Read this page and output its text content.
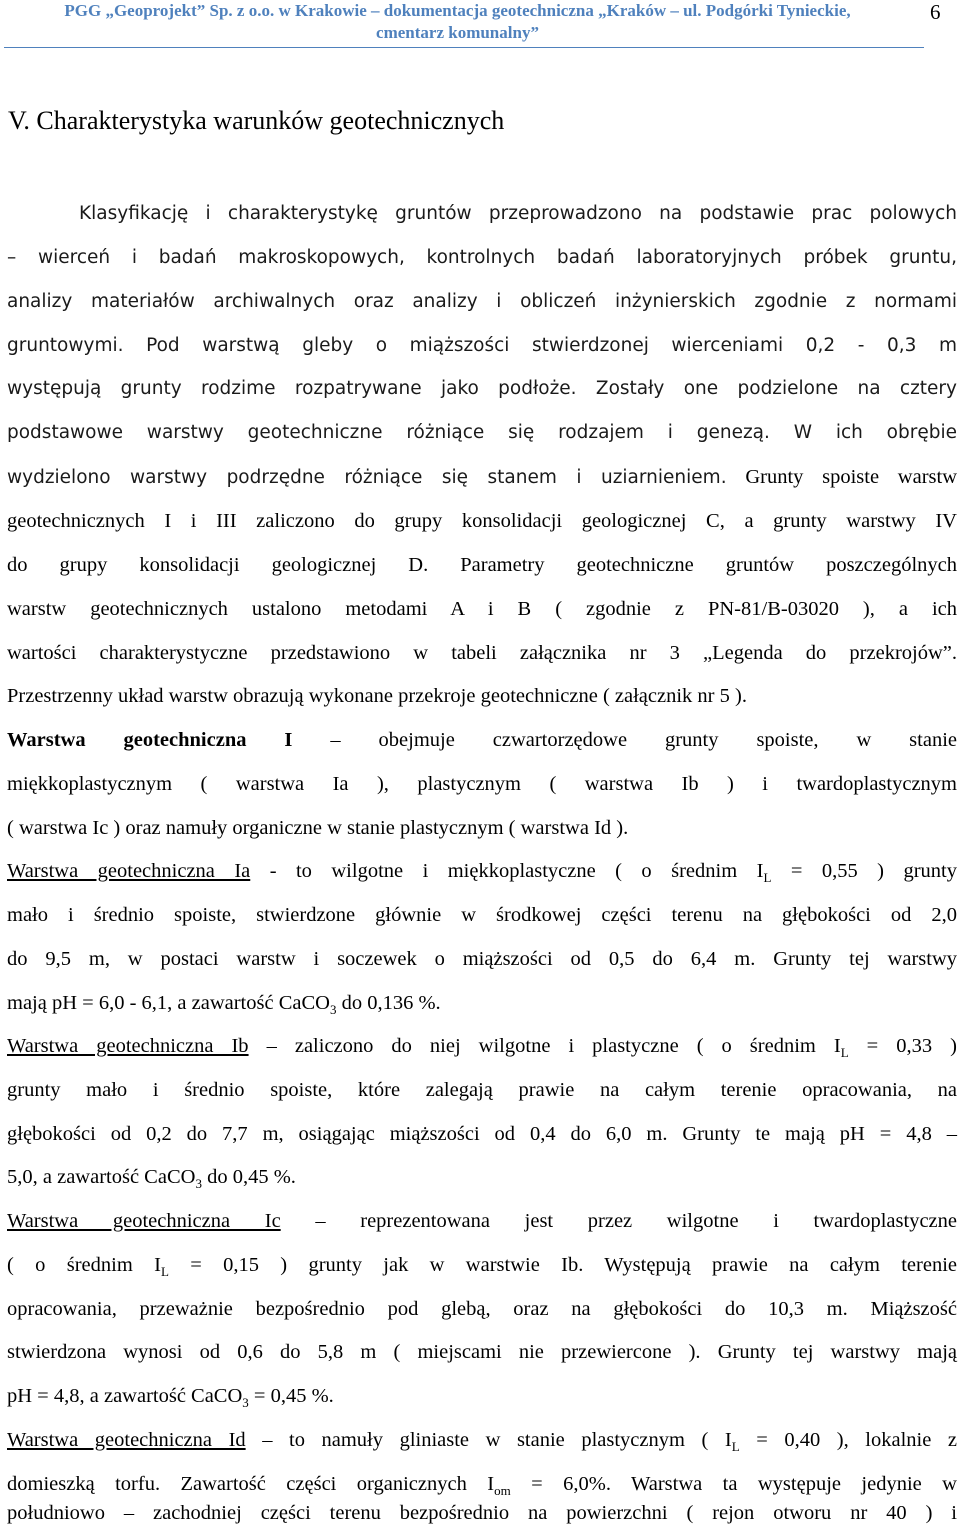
PGG „Geoprojekt” Sp. z o.o. w Krakowie – dokumentacja geotechniczna „Kraków – ul. Podgórki Tynieckie,
cmentarz komunalny”
6
V. Charakterystyka warunków geotechnicznych
Klasyfikację i charakterystykę gruntów przeprowadzono na podstawie prac polowych
– wierceń i badań makroskopowych, kontrolnych badań laboratoryjnych próbek gruntu,
analizy materiałów archiwalnych oraz analizy i obliczeń inżynierskich zgodnie z normami
gruntowymi. Pod warstwą gleby o miąższości stwierdzonej wierceniami 0,2 - 0,3 m
występują grunty rodzime rozpatrywane jako podłoże. Zostały one podzielone na cztery
podstawowe warstwy geotechniczne różniące się rodzajem i genezą. W ich obrębie
wydzielono warstwy podrzędne różniące się stanem i uziarnieniem. Grunty spoiste warstw
geotechnicznych I i III zaliczono do grupy konsolidacji geologicznej C, a grunty warstwy IV
do grupy konsolidacji geologicznej D. Parametry geotechniczne gruntów poszczególnych
warstw geotechnicznych ustalono metodami A i B ( zgodnie z PN-81/B-03020 ), a ich
wartości charakterystyczne przedstawiono w tabeli załącznika nr 3 „Legenda do przekrojów”.
Przestrzenny układ warstw obrazują wykonane przekroje geotechniczne ( załącznik nr 5 ).
Warstwa geotechniczna I – obejmuje czwartorzędowe grunty spoiste, w stanie
miękkoplastycznym ( warstwa Ia ), plastycznym ( warstwa Ib ) i twardoplastycznym
( warstwa Ic ) oraz namuły organiczne w stanie plastycznym ( warstwa Id ).
Warstwa geotechniczna Ia - to wilgotne i miękkoplastyczne ( o średnim $I_L = 0,55$ ) grunty
mało i średnio spoiste, stwierdzone głównie w środkowej części terenu na głębokości od 2,0
do 9,5 m, w postaci warstw i soczewek o miąższości od 0,5 do 6,4 m. Grunty tej warstwy
mają pH = 6,0 - 6,1, a zawartość CaCO$_3$ do 0,136 %.
Warstwa geotechniczna Ib – zaliczono do niej wilgotne i plastyczne ( o średnim $I_L = 0,33$ )
grunty mało i średnio spoiste, które zalegają prawie na całym terenie opracowania, na
głębokości od 0,2 do 7,7 m, osiągając miąższości od 0,4 do 6,0 m. Grunty te mają pH = 4,8 –
5,0, a zawartość CaCO$_3$ do 0,45 %.
Warstwa geotechniczna Ic – reprezentowana jest przez wilgotne i twardoplastyczne
( o średnim $I_L = 0,15$ ) grunty jak w warstwie Ib. Występują prawie na całym terenie
opracowania, przeważnie bezpośrednio pod glebą, oraz na głębokości do 10,3 m. Miąższość
stwierdzona wynosi od 0,6 do 5,8 m ( miejscami nie przewiercone ). Grunty tej warstwy mają
pH = 4,8, a zawartość CaCO$_3$ = 0,45 %.
Warstwa geotechniczna Id – to namuły gliniaste w stanie plastycznym ( $I_L = 0,40$ ), lokalnie z
domieszką torfu. Zawartość części organicznych $I_{om} = 6,0\%$. Warstwa ta występuje jedynie w
południowo – zachodniej części terenu bezpośrednio na powierzchni ( rejon otworu nr 40 ) i
